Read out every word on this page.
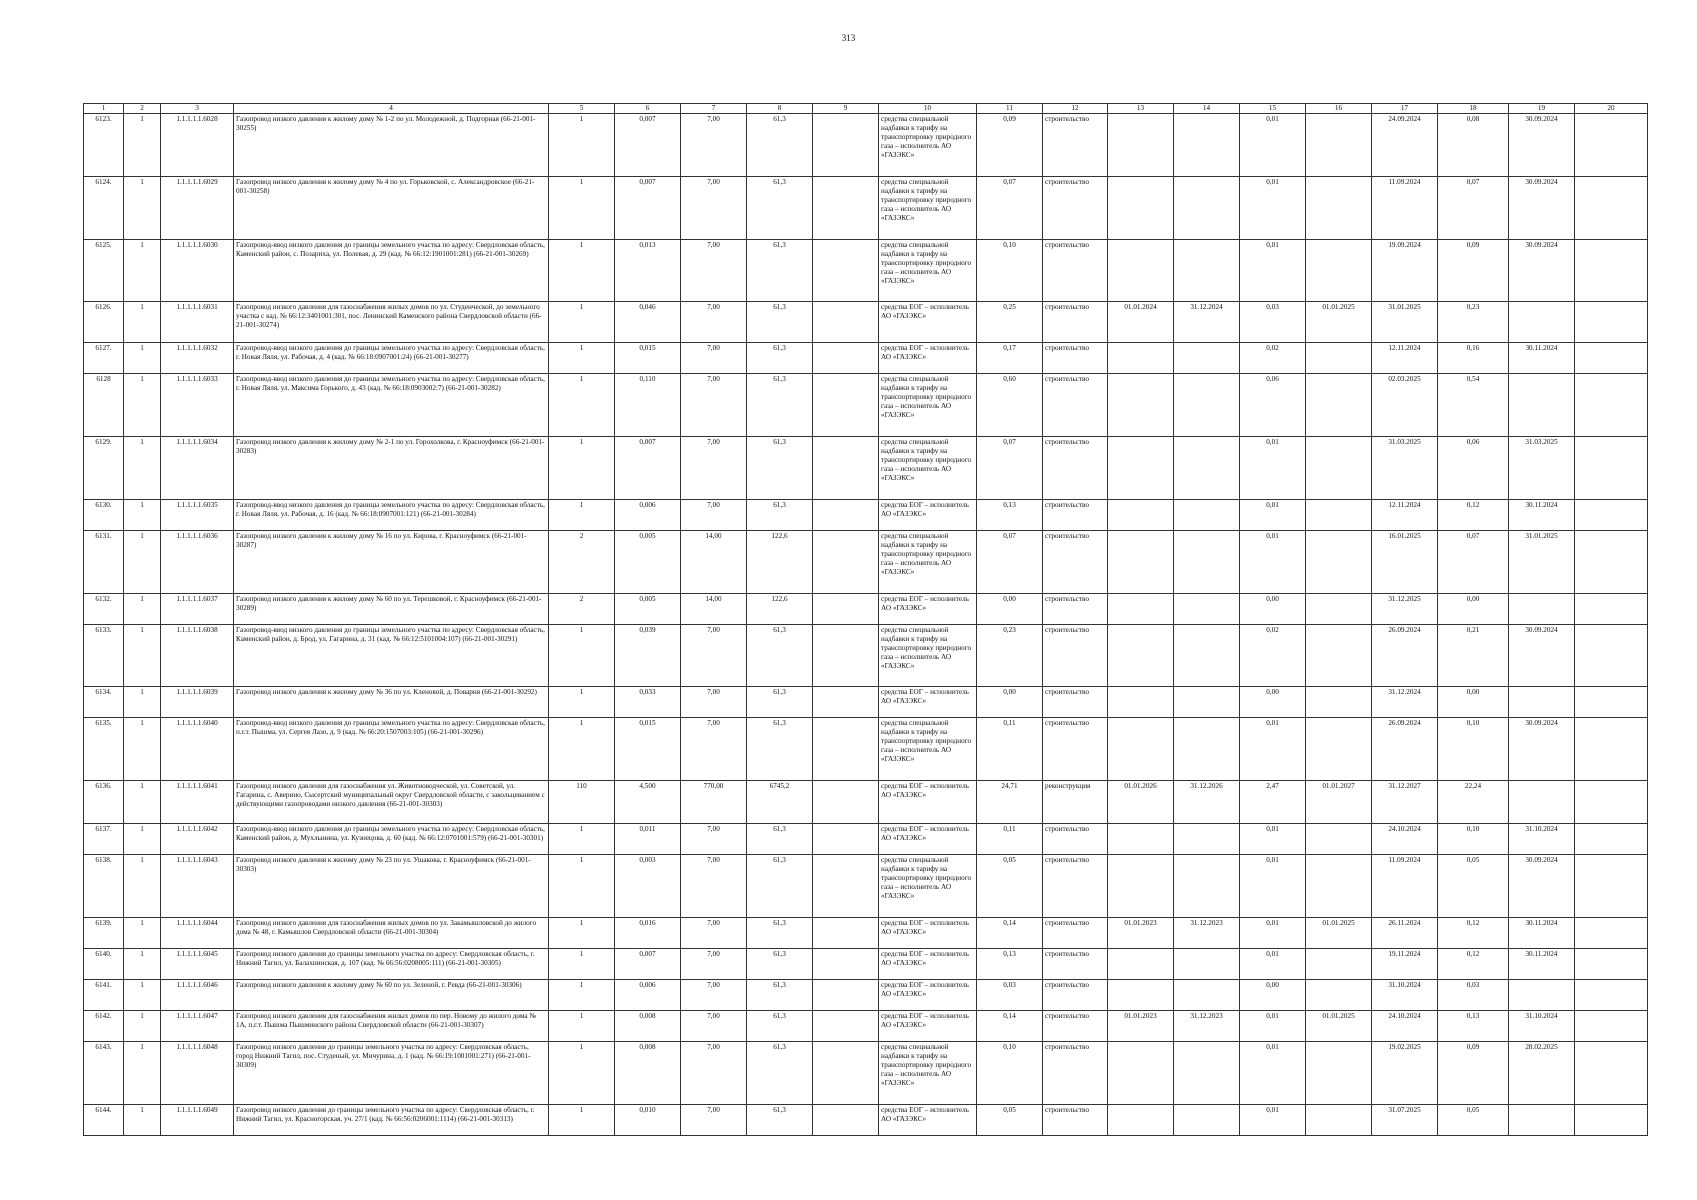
313
1	2	3	4	5	6	7	8	9	10	11	12	13	14	15	16	17	18	19	20
6123.	1	1.1.1.1.1.6028	Газопровод низкого давления к жилому дому № 1-2 по ул. Молодежной, д. Подгорная (66-21-001-30255)	1	0,007	7,00	61,3		средства специальной надбавки к тарифу на транспортировку природного газа – исполнитель АО «ГАЗЭКС»	0,09	строительство			0,01		24.09.2024	0,08	30.09.2024	
6124.	1	1.1.1.1.1.6029	Газопровод низкого давления к жилому дому № 4 по ул. Горьковской, с. Александровское (66-21-001-30258)	1	0,007	7,00	61,3		средства специальной надбавки к тарифу на транспортировку природного газа – исполнитель АО «ГАЗЭКС»	0,07	строительство			0,01		11.09.2024	0,07	30.09.2024	
6125.	1	1.1.1.1.1.6030	Газопровод-ввод низкого давления до границы земельного участка по адресу: Свердловская область, Каменский район, с. Позариха, ул. Полевая, д. 29 (кад. № 66:12:1901001:281) (66-21-001-30269)	1	0,013	7,00	61,3		средства специальной надбавки к тарифу на транспортировку природного газа – исполнитель АО «ГАЗЭКС»	0,10	строительство			0,01		19.09.2024	0,09	30.09.2024	
6126.	1	1.1.1.1.1.6031	Газопровод низкого давления для газоснабжения жилых домов по ул. Студенческой, до земельного участка с кад. № 66:12:3401001:301, пос. Ленинский Каменского района Свердловской области (66-21-001-30274)	1	0,046	7,00	61,3		средства ЕОГ – исполнитель АО «ГАЗЭКС»	0,25	строительство	01.01.2024	31.12.2024	0,03	01.01.2025	31.01.2025	0,23		
6127.	1	1.1.1.1.1.6032	Газопровод-ввод низкого давления до границы земельного участка по адресу: Свердловская область, г. Новая Ляля, ул. Рабочая, д. 4 (кад. № 66:18:0907001:24) (66-21-001-30277)	1	0,015	7,00	61,3		средства ЕОГ – исполнитель АО «ГАЗЭКС»	0,17	строительство			0,02		12.11.2024	0,16	30.11.2024	
6128	1	1.1.1.1.1.6033	Газопровод-ввод низкого давления до границы земельного участка по адресу: Свердловская область, г. Новая Ляля, ул. Максима Горького, д. 43 (кад. № 66:18:0903002:7) (66-21-001-30282)	1	0,110	7,00	61,3		средства специальной надбавки к тарифу на транспортировку природного газа – исполнитель АО «ГАЗЭКС»	0,60	строительство			0,06		02.03.2025	0,54		
6129.	1	1.1.1.1.1.6034	Газопровод низкого давления к жилому дому № 2-1 по ул. Горохолкова, г. Красноуфимск (66-21-001-30283)	1	0,007	7,00	61,3		средства специальной надбавки к тарифу на транспортировку природного газа – исполнитель АО «ГАЗЭКС»	0,07	строительство			0,01		31.03.2025	0,06	31.03.2025	
6130.	1	1.1.1.1.1.6035	Газопровод-ввод низкого давления до границы земельного участка по адресу: Свердловская область, г. Новая Ляля, ул. Рабочая, д. 16 (кад. № 66:18:0907001:121) (66-21-001-30284)	1	0,006	7,00	61,3		средства ЕОГ – исполнитель АО «ГАЗЭКС»	0,13	строительство			0,01		12.11.2024	0,12	30.11.2024	
6131.	1	1.1.1.1.1.6036	Газопровод низкого давления к жилому дому № 16 по ул. Кирова, г. Красноуфимск (66-21-001-30287)	2	0,005	14,00	122,6		средства специальной надбавки к тарифу на транспортировку природного газа – исполнитель АО «ГАЗЭКС»	0,07	строительство			0,01		16.01.2025	0,07	31.01.2025	
6132.	1	1.1.1.1.1.6037	Газопровод низкого давления к жилому дому № 60 по ул. Терешковой, г. Красноуфимск (66-21-001-30289)	2	0,005	14,00	122,6		средства ЕОГ – исполнитель АО «ГАЗЭКС»	0,00	строительство			0,00		31.12.2025	0,00		
6133.	1	1.1.1.1.1.6038	Газопровод-ввод низкого давления до границы земельного участка по адресу: Свердловская область, Каменский район, д. Брод, ул. Гагарина, д. 31 (кад. № 66:12:5101004:107) (66-21-001-30291)	1	0,039	7,00	61,3		средства специальной надбавки к тарифу на транспортировку природного газа – исполнитель АО «ГАЗЭКС»	0,23	строительство			0,02		26.09.2024	0,21	30.09.2024	
6134.	1	1.1.1.1.1.6039	Газопровод низкого давления к жилому дому № 36 по ул. Кленовой, д. Поварня (66-21-001-30292)	1	0,033	7,00	61,3		средства ЕОГ – исполнитель АО «ГАЗЭКС»	0,00	строительство			0,00		31.12.2024	0,00		
6135.	1	1.1.1.1.1.6040	Газопровод-ввод низкого давления до границы земельного участка по адресу: Свердловская область, п.г.т. Пышма, ул. Сергея Лазо, д. 9 (кад. № 66:20:1507003:105) (66-21-001-30296)	1	0,015	7,00	61,3		средства специальной надбавки к тарифу на транспортировку природного газа – исполнитель АО «ГАЗЭКС»	0,11	строительство			0,01		26.09.2024	0,10	30.09.2024	
6136.	1	1.1.1.1.1.6041	Газопровод низкого давления для газоснабжения ул. Животноводческой, ул. Советской, ул. Гагарина, с. Аверино, Сысертский муниципальный округ Свердловской области, с закольцеванием с действующими газопроводами низкого давления (66-21-001-30303)	110	4,500	770,00	6745,2		средства ЕОГ – исполнитель АО «ГАЗЭКС»	24,71	реконструкция	01.01.2026	31.12.2026	2,47	01.01.2027	31.12.2027	22,24		
6137.	1	1.1.1.1.1.6042	Газопровод-ввод низкого давления до границы земельного участка по адресу: Свердловская область, Каменский район, д. Мухлынина, ул. Кузнецова, д. 60 (кад. № 66:12:0701001:579) (66-21-001-30301)	1	0,011	7,00	61,3		средства ЕОГ – исполнитель АО «ГАЗЭКС»	0,11	строительство			0,01		24.10.2024	0,10	31.10.2024	
6138.	1	1.1.1.1.1.6043	Газопровод низкого давления к жилому дому № 23 по ул. Ушакова, г. Красноуфимск (66-21-001-30303)	1	0,003	7,00	61,3		средства специальной надбавки к тарифу на транспортировку природного газа – исполнитель АО «ГАЗЭКС»	0,05	строительство			0,01		11.09.2024	0,05	30.09.2024	
6139.	1	1.1.1.1.1.6044	Газопровод низкого давления для газоснабжения жилых домов по ул. Закамышловской до жилого дома № 48, г. Камышлов Свердловской области (66-21-001-30304)	1	0,016	7,00	61,3		средства ЕОГ – исполнитель АО «ГАЗЭКС»	0,14	строительство	01.01.2023	31.12.2023	0,01	01.01.2025	26.11.2024	0,12	30.11.2024	
6140.	1	1.1.1.1.1.6045	Газопровод низкого давления до границы земельного участка по адресу: Свердловская область, г. Нижний Тагил, ул. Балахнинская, д. 107 (кад. № 66:56:0208005:111) (66-21-001-30305)	1	0,007	7,00	61,3		средства ЕОГ – исполнитель АО «ГАЗЭКС»	0,13	строительство			0,01		19.11.2024	0,12	30.11.2024	
6141.	1	1.1.1.1.1.6046	Газопровод низкого давления к жилому дому № 60 по ул. Зеленой, г. Ревда (66-21-001-30306)	1	0,006	7,00	61,3		средства ЕОГ – исполнитель АО «ГАЗЭКС»	0,03	строительство			0,00		31.10.2024	0,03		
6142.	1	1.1.1.1.1.6047	Газопровод низкого давления для газоснабжения жилых домов по пер. Новому до жилого дома № 1А, п.г.т. Пышма Пышминского района Свердловской области (66-21-001-30307)	1	0,008	7,00	61,3		средства ЕОГ – исполнитель АО «ГАЗЭКС»	0,14	строительство	01.01.2023	31.12.2023	0,01	01.01.2025	24.10.2024	0,13	31.10.2024	
6143.	1	1.1.1.1.1.6048	Газопровод низкого давления до границы земельного участка по адресу: Свердловская область, город Нижний Тагил, пос. Студеный, ул. Мичурина, д. 1 (кад. № 66:19:1001001:271) (66-21-001-30309)	1	0,008	7,00	61,3		средства специальной надбавки к тарифу на транспортировку природного газа – исполнитель АО «ГАЗЭКС»	0,10	строительство			0,01		19.02.2025	0,09	28.02.2025	
6144.	1	1.1.1.1.1.6049	Газопровод низкого давления до границы земельного участка по адресу: Свердловская область, г. Нижний Тагил, ул. Красногорская, уч. 27/1 (кад. № 66:56:0206001:1114) (66-21-001-30313)	1	0,010	7,00	61,3		средства ЕОГ – исполнитель АО «ГАЗЭКС»	0,05	строительство			0,01		31.07.2025	0,05		
